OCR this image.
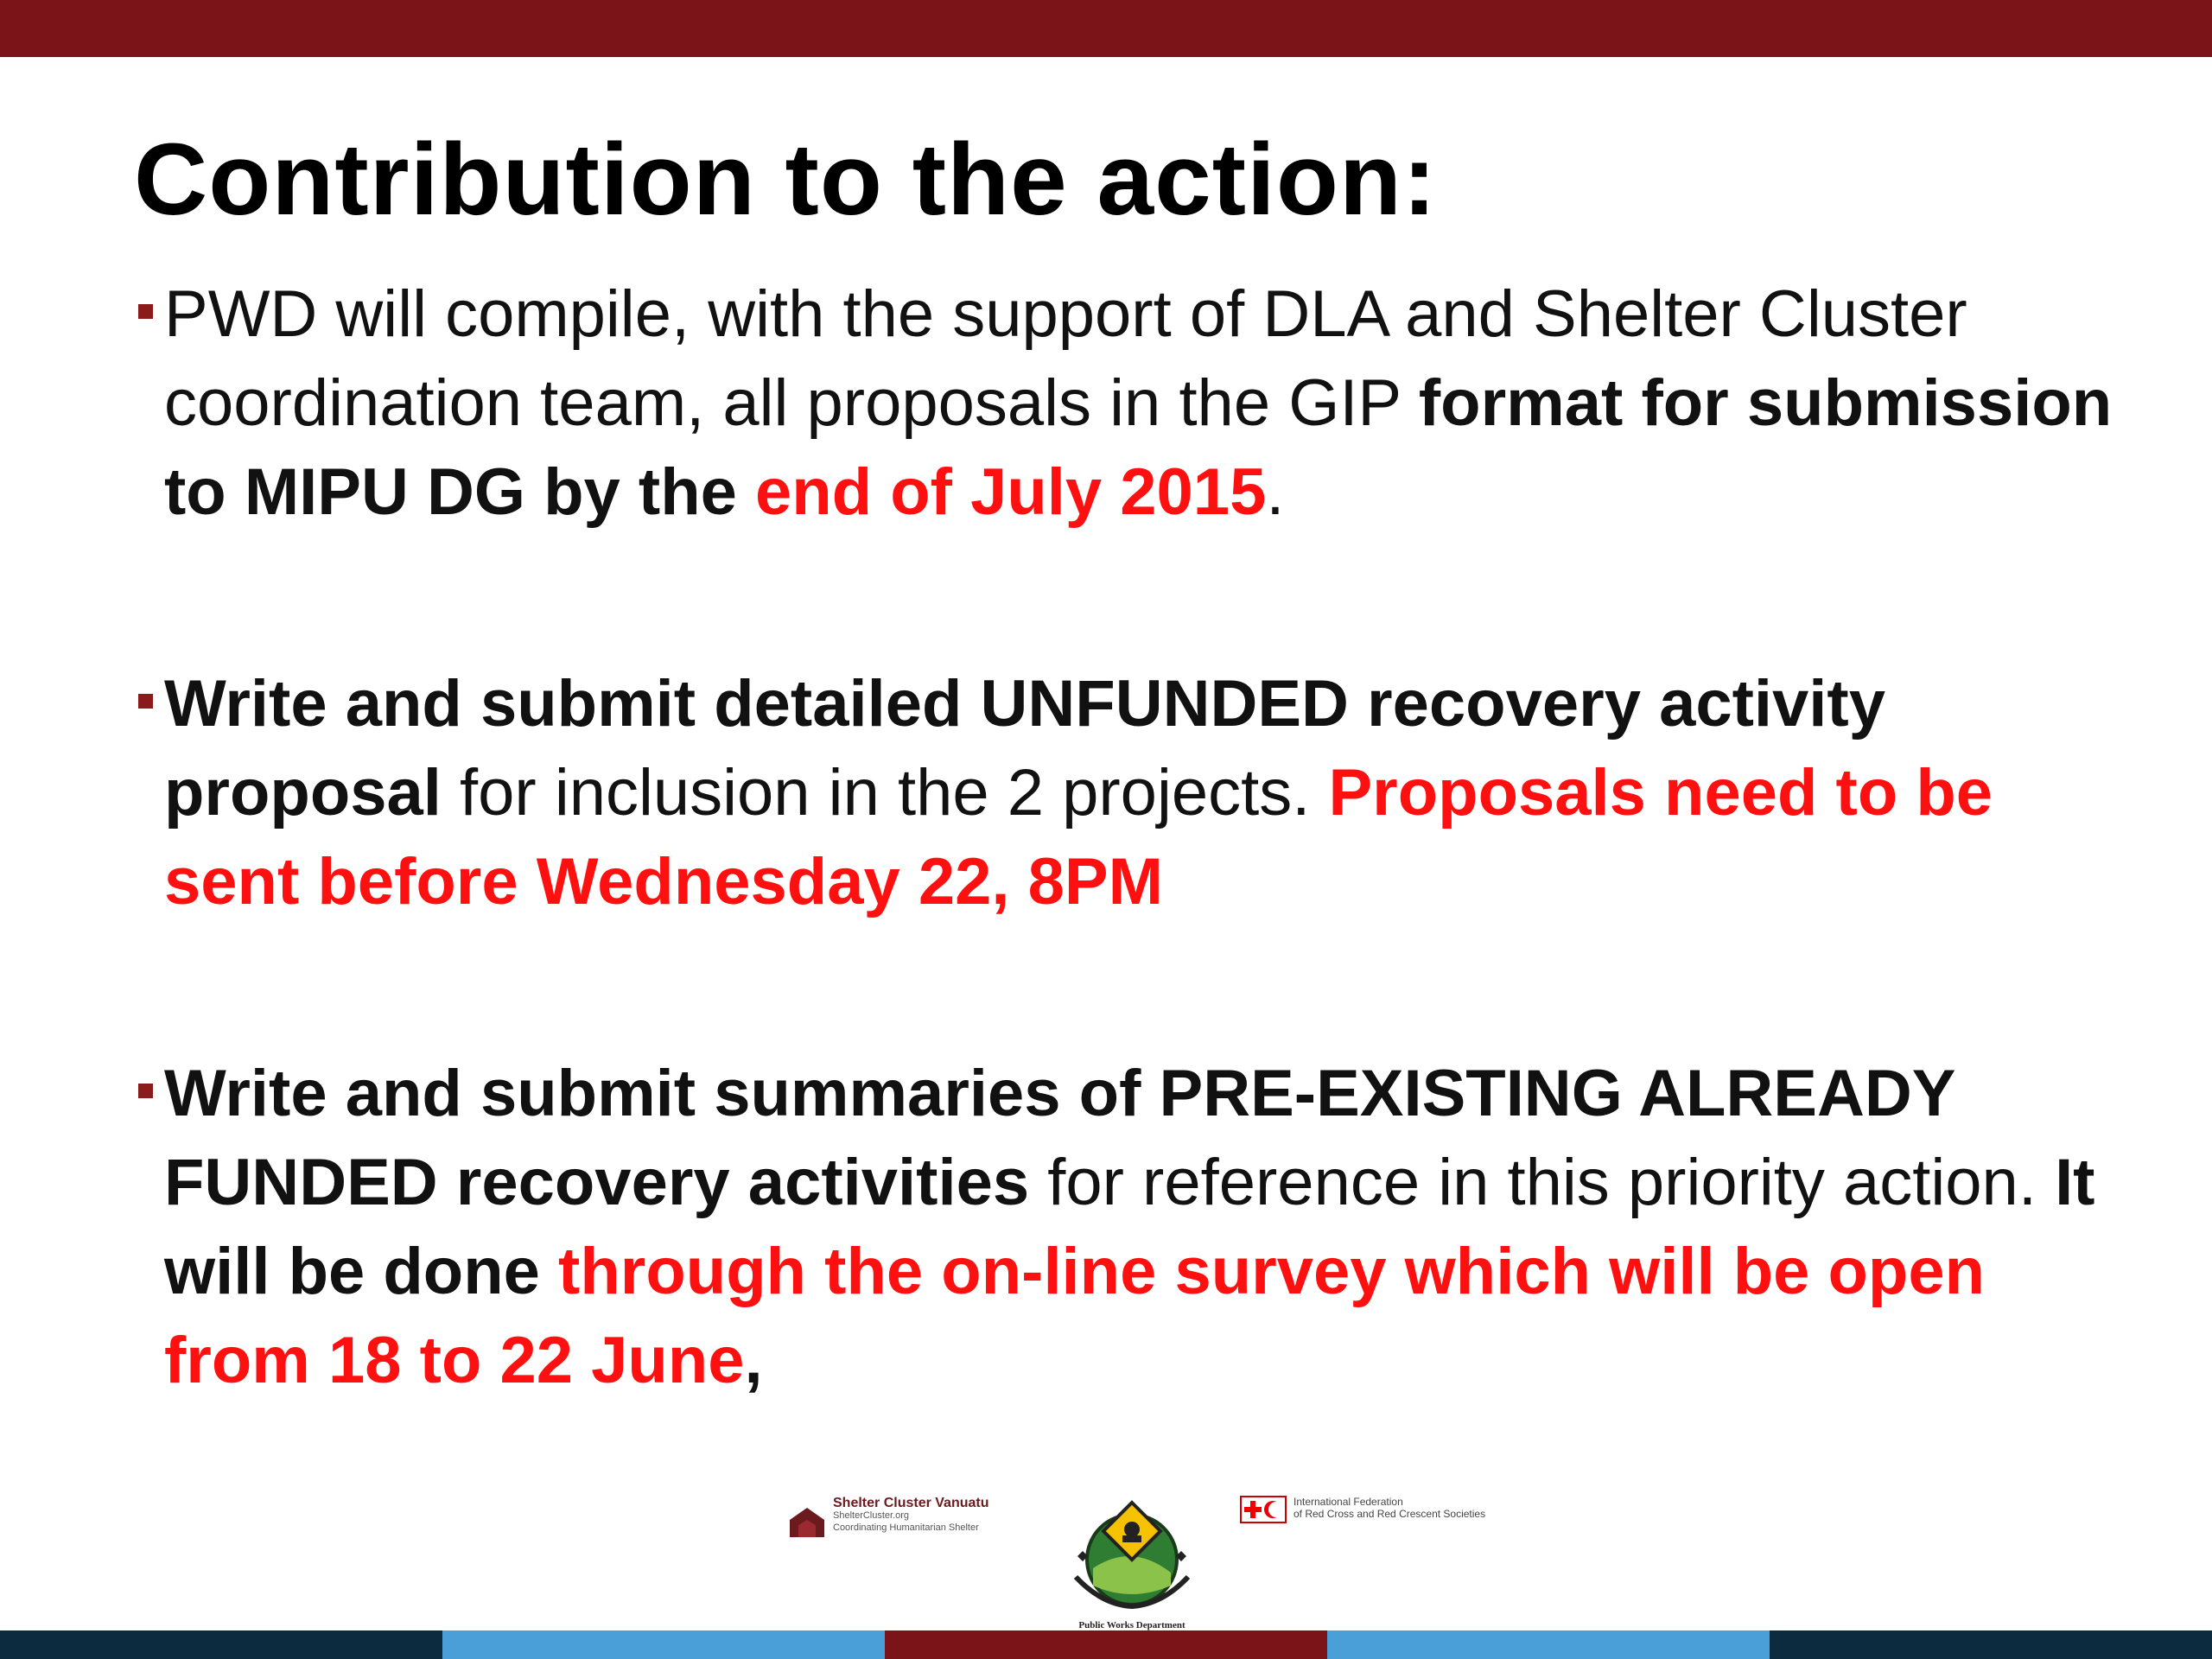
Contribution to the action:
PWD will compile, with the support of DLA and Shelter Cluster coordination team, all proposals in the GIP format for submission to MIPU DG by the end of July 2015.
Write and submit detailed UNFUNDED recovery activity proposal for inclusion in the 2 projects. Proposals need to be sent before Wednesday 22, 8PM
Write and submit summaries of PRE-EXISTING ALREADY FUNDED recovery activities for reference in this priority action. It will be done through the on-line survey which will be open from 18 to 22 June,
Shelter Cluster Vanuatu
ShelterCluster.org
Coordinating Humanitarian Shelter
Public Works Department
International Federation
of Red Cross and Red Crescent Societies
